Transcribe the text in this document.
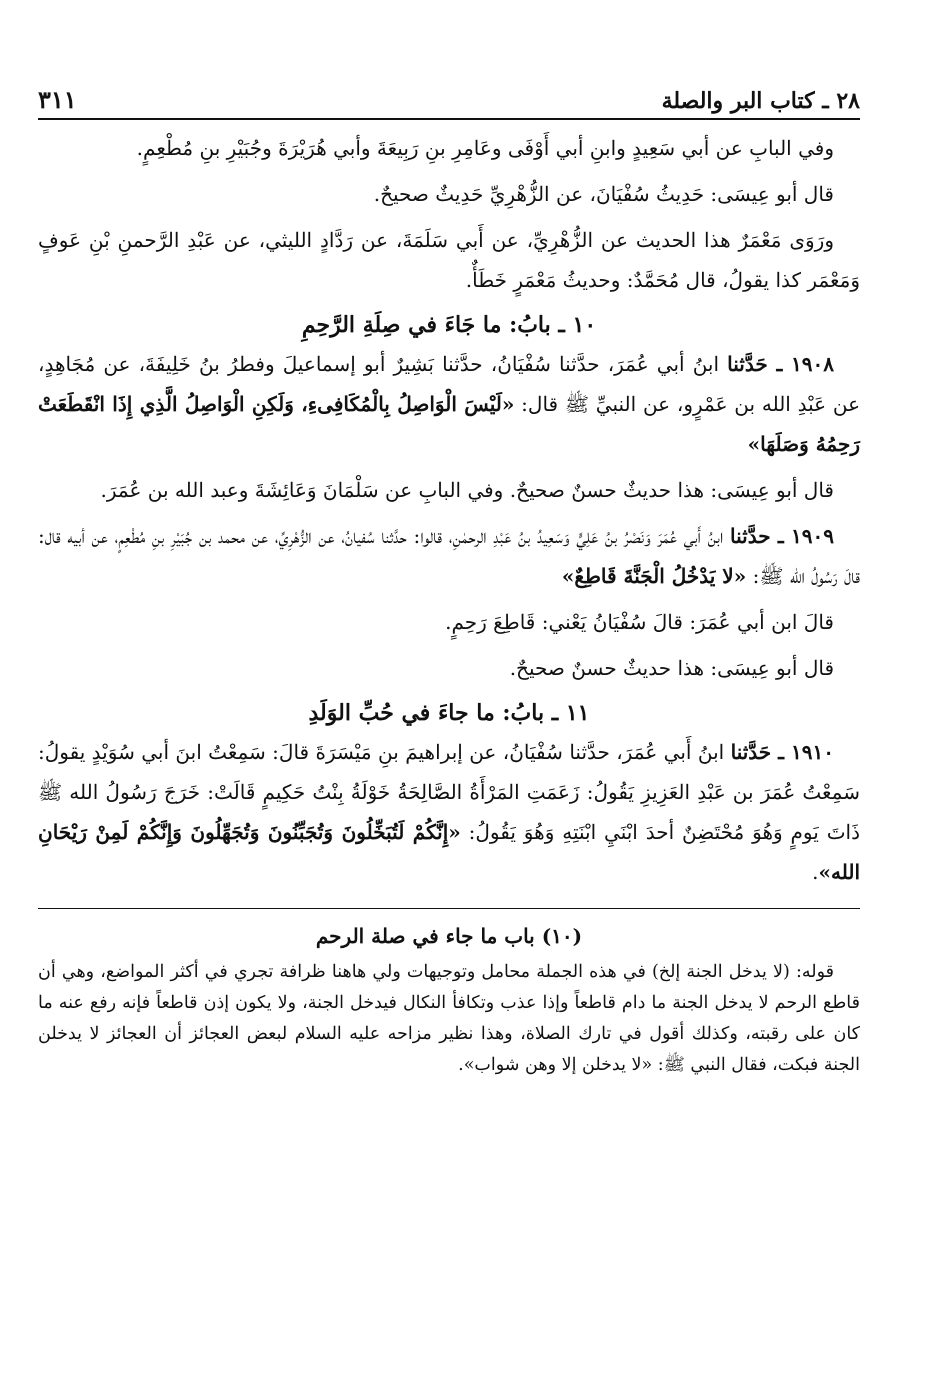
٢٨ ـ كتاب البر والصلة
٣١١

وفي البابِ عن أبي سَعِيدٍ وابنِ أبي أَوْفَى وعَامِرِ بنِ رَبِيعَةَ وأبي هُرَيْرَةَ وجُبَيْرِ بنِ مُطْعِمٍ.

قال أبو عِيسَى: حَدِيثُ سُفْيَانَ، عن الزُّهْرِيِّ حَدِيثٌ صحيحٌ.

ورَوَى مَعْمَرٌ هذا الحديث عن الزُّهْرِيِّ، عن أَبي سَلَمَةَ، عن رَدَّادٍ الليثي، عن عَبْدِ الرَّحمنِ بْنِ عَوفٍ وَمَعْمَر كذا يقولُ، قال مُحَمَّدٌ: وحديثُ مَعْمَرٍ خَطَأٌ.

١٠ ـ بابُ: ما جَاءَ في صِلَةِ الرَّحِمِ

١٩٠٨ ـ حَدَّثنا ابنُ أبي عُمَرَ، حدَّثنا سُفْيَانُ، حدَّثنا بَشِيرٌ أبو إسماعيلَ وفطرُ بنُ خَلِيفَةَ، عن مُجَاهِدٍ، عن عَبْدِ الله بن عَمْرٍو، عن النبيِّ ﷺ قال: «لَيْسَ الْوَاصِلُ بِالْمُكَافِىءِ، وَلَكِنِ الْوَاصِلُ الَّذِي إِذَا انْقَطَعَتْ رَحِمُهُ وَصَلَهَا»

قال أبو عِيسَى: هذا حديثٌ حسنٌ صحيحٌ. وفي البابِ عن سَلْمَانَ وَعَائِشَةَ وعبد الله بن عُمَرَ.

١٩٠٩ ـ حدَّثنا ابنُ أَبي عُمَرَ وَنَصْرُ بنُ عَلِيٍّ وَسَعِيدُ بنُ عَبْدِ الرحمٰنِ، قالوا: حدَّثنا سُفيانُ، عن الزُّهْرِيِّ، عن محمد بن جُبَيْرِ بنِ مُطْعِمٍ، عن أبيه قال: قالَ رَسُولُ الله ﷺ: «لا يَدْخُلُ الْجَنَّةَ قَاطِعٌ»

قالَ ابن أبي عُمَرَ: قالَ سُفْيَانُ يَعْني: قَاطِعَ رَحِمٍ.

قال أبو عِيسَى: هذا حديثٌ حسنٌ صحيحٌ.

١١ ـ بابُ: ما جاءَ في حُبِّ الوَلَدِ

١٩١٠ ـ حَدَّثنا ابنُ أَبي عُمَرَ، حدَّثنا سُفْيَانُ، عن إبراهيمَ بنِ مَيْسَرَةَ قالَ: سَمِعْتُ ابنَ أبي سُوَيْدٍ يقولُ: سَمِعْتُ عُمَرَ بن عَبْدِ العَزِيزِ يَقُولُ: زَعَمَتِ المَرْأَةُ الصَّالِحَةُ خَوْلَةُ بِنْتُ حَكِيمٍ قَالَتْ: خَرَجَ رَسُولُ الله ﷺ ذَاتَ يَومٍ وَهُوَ مُحْتَضِنٌ أحدَ ابْنَيِ ابْنَتِهِ وَهُوَ يَقُولُ: «إِنَّكُمْ لَتُبَخِّلُونَ وَتُجَبِّنُونَ وَتُجَهِّلُونَ وَإِنَّكُمْ لَمِنْ رَيْحَانِ الله».

(١٠) باب ما جاء في صلة الرحم

قوله: (لا يدخل الجنة إلخ) في هذه الجملة محامل وتوجيهات ولي هاهنا ظرافة تجري في أكثر المواضع، وهي أن قاطع الرحم لا يدخل الجنة ما دام قاطعاً وإذا عذب وتكافأ النكال فيدخل الجنة، ولا يكون إذن قاطعاً فإنه رفع عنه ما كان على رقبته، وكذلك أقول في تارك الصلاة، وهذا نظير مزاحه عليه السلام لبعض العجائز أن العجائز لا يدخلن الجنة فبكت، فقال النبي ﷺ: «لا يدخلن إلا وهن شواب».
